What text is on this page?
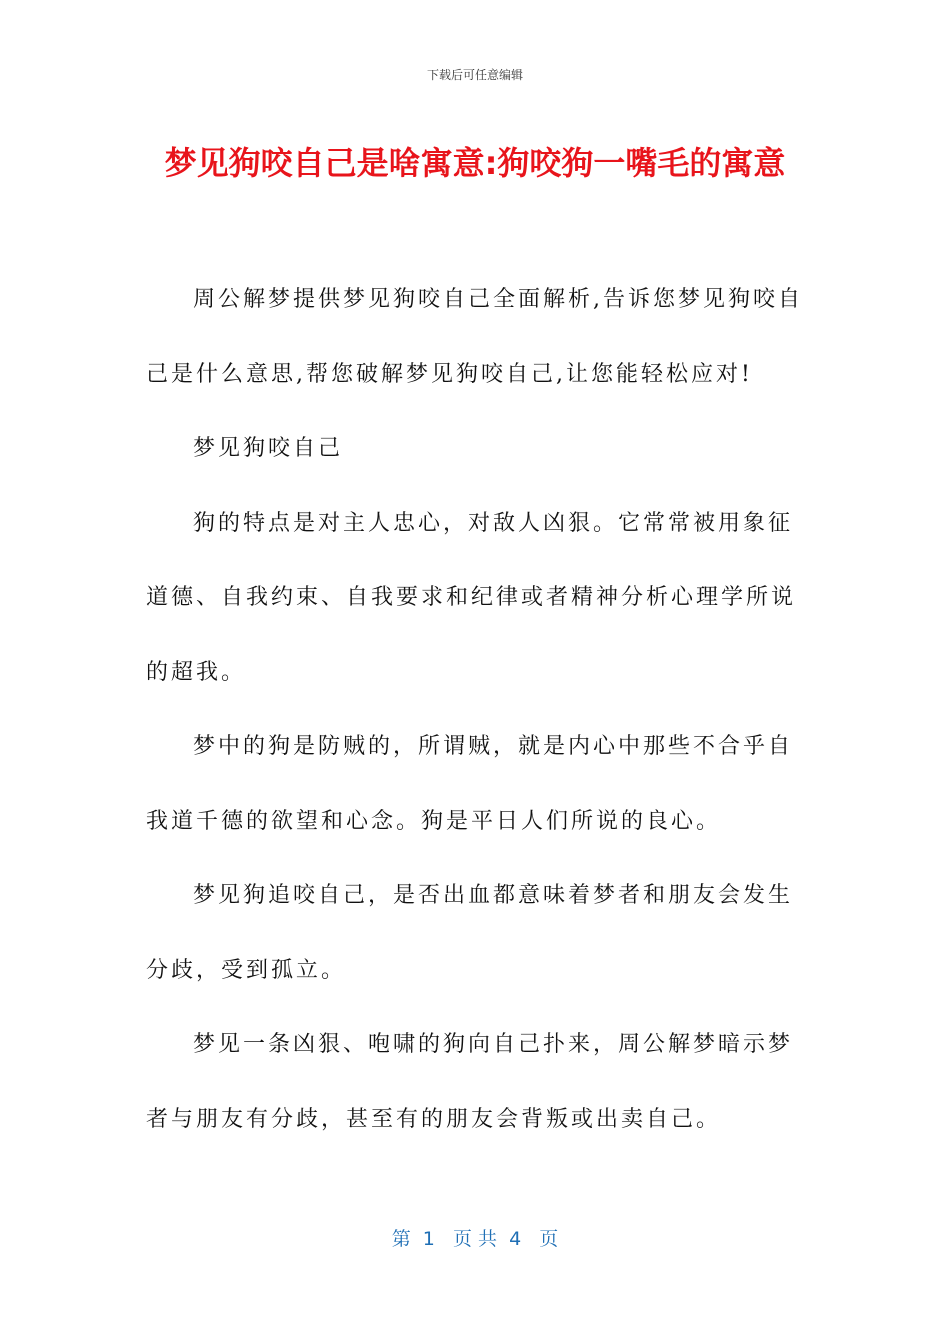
下载后可任意编辑
梦见狗咬自己是啥寓意:狗咬狗一嘴毛的寓意

周公解梦提供梦见狗咬自己全面解析,告诉您梦见狗咬自己是什么意思,帮您破解梦见狗咬自己,让您能轻松应对!

梦见狗咬自己

狗的特点是对主人忠心，对敌人凶狠。它常常被用象征道德、自我约束、自我要求和纪律或者精神分析心理学所说的超我。

梦中的狗是防贼的，所谓贼，就是内心中那些不合乎自我道千德的欲望和心念。狗是平日人们所说的良心。

梦见狗追咬自己，是否出血都意味着梦者和朋友会发生分歧，受到孤立。

梦见一条凶狠、咆啸的狗向自己扑来，周公解梦暗示梦者与朋友有分歧，甚至有的朋友会背叛或出卖自己。

第  1   页 共  4   页
